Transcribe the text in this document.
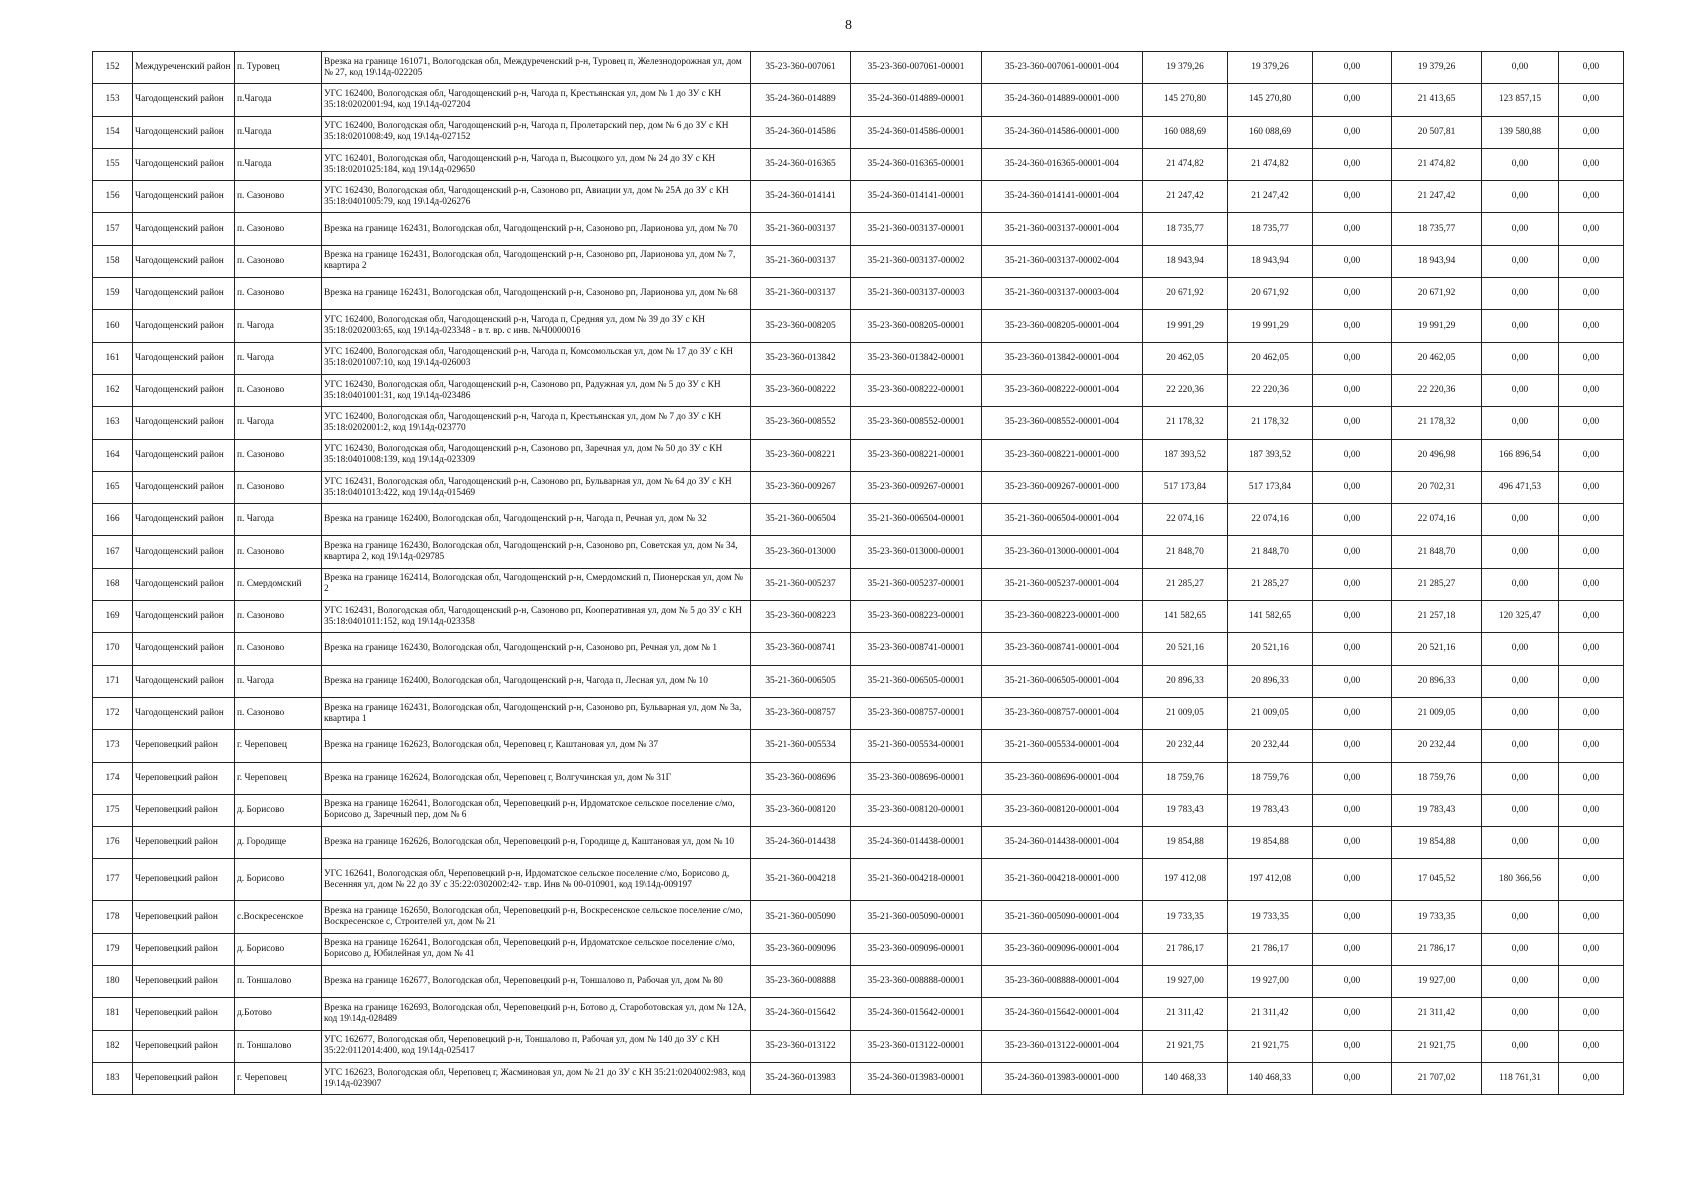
8
152	Междуреченский район	п. Туровец	Врезка на границе 161071, Вологодская обл, Междуреченский р-н, Туровец п, Железнодорожная ул, дом № 27, код 19\14д-022205	35-23-360-007061	35-23-360-007061-00001	35-23-360-007061-00001-004	19 379,26	19 379,26	0,00	19 379,26	0,00	0,00
153	Чагодощенский район	п.Чагода	УГС 162400, Вологодская обл, Чагодощенский р-н, Чагода п, Крестьянская ул, дом № 1 до ЗУ с КН 35:18:0202001:94, код 19\14д-027204	35-24-360-014889	35-24-360-014889-00001	35-24-360-014889-00001-000	145 270,80	145 270,80	0,00	21 413,65	123 857,15	0,00
154	Чагодощенский район	п.Чагода	УГС 162400, Вологодская обл, Чагодощенский р-н, Чагода п, Пролетарский пер, дом № 6 до ЗУ с КН 35:18:0201008:49, код 19\14д-027152	35-24-360-014586	35-24-360-014586-00001	35-24-360-014586-00001-000	160 088,69	160 088,69	0,00	20 507,81	139 580,88	0,00
155	Чагодощенский район	п.Чагода	УГС 162401, Вологодская обл, Чагодощенский р-н, Чагода п, Высоцкого ул, дом № 24 до ЗУ с КН 35:18:0201025:184, код 19\14д-029650	35-24-360-016365	35-24-360-016365-00001	35-24-360-016365-00001-004	21 474,82	21 474,82	0,00	21 474,82	0,00	0,00
156	Чагодощенский район	п. Сазоново	УГС 162430, Вологодская обл, Чагодощенский р-н, Сазоново рп, Авиации ул, дом № 25А до ЗУ с КН 35:18:0401005:79, код 19\14д-026276	35-24-360-014141	35-24-360-014141-00001	35-24-360-014141-00001-004	21 247,42	21 247,42	0,00	21 247,42	0,00	0,00
157	Чагодощенский район	п. Сазоново	Врезка на границе 162431, Вологодская обл, Чагодощенский р-н, Сазоново рп, Ларионова ул, дом № 70	35-21-360-003137	35-21-360-003137-00001	35-21-360-003137-00001-004	18 735,77	18 735,77	0,00	18 735,77	0,00	0,00
158	Чагодощенский район	п. Сазоново	Врезка на границе 162431, Вологодская обл, Чагодощенский р-н, Сазоново рп, Ларионова ул, дом № 7, квартира 2	35-21-360-003137	35-21-360-003137-00002	35-21-360-003137-00002-004	18 943,94	18 943,94	0,00	18 943,94	0,00	0,00
159	Чагодощенский район	п. Сазоново	Врезка на границе 162431, Вологодская обл, Чагодощенский р-н, Сазоново рп, Ларионова ул, дом № 68	35-21-360-003137	35-21-360-003137-00003	35-21-360-003137-00003-004	20 671,92	20 671,92	0,00	20 671,92	0,00	0,00
160	Чагодощенский район	п. Чагода	УГС 162400, Вологодская обл, Чагодощенский р-н, Чагода п, Средняя ул, дом № 39 до ЗУ с КН 35:18:0202003:65, код 19\14д-023348 - в т. вр. с инв. №Ч0000016	35-23-360-008205	35-23-360-008205-00001	35-23-360-008205-00001-004	19 991,29	19 991,29	0,00	19 991,29	0,00	0,00
161	Чагодощенский район	п. Чагода	УГС 162400, Вологодская обл, Чагодощенский р-н, Чагода п, Комсомольская ул, дом № 17 до ЗУ с КН 35:18:0201007:10, код 19\14д-026003	35-23-360-013842	35-23-360-013842-00001	35-23-360-013842-00001-004	20 462,05	20 462,05	0,00	20 462,05	0,00	0,00
162	Чагодощенский район	п. Сазоново	УГС 162430, Вологодская обл, Чагодощенский р-н, Сазоново рп, Радужная ул, дом № 5 до ЗУ с КН 35:18:0401001:31, код 19\14д-023486	35-23-360-008222	35-23-360-008222-00001	35-23-360-008222-00001-004	22 220,36	22 220,36	0,00	22 220,36	0,00	0,00
163	Чагодощенский район	п. Чагода	УГС 162400, Вологодская обл, Чагодощенский р-н, Чагода п, Крестьянская ул, дом № 7 до ЗУ с КН 35:18:0202001:2, код 19\14д-023770	35-23-360-008552	35-23-360-008552-00001	35-23-360-008552-00001-004	21 178,32	21 178,32	0,00	21 178,32	0,00	0,00
164	Чагодощенский район	п. Сазоново	УГС 162430, Вологодская обл, Чагодощенский р-н, Сазоново рп, Заречная ул, дом № 50 до ЗУ с КН 35:18:0401008:139, код 19\14д-023309	35-23-360-008221	35-23-360-008221-00001	35-23-360-008221-00001-000	187 393,52	187 393,52	0,00	20 496,98	166 896,54	0,00
165	Чагодощенский район	п. Сазоново	УГС 162431, Вологодская обл, Чагодощенский р-н, Сазоново рп, Бульварная ул, дом № 64 до ЗУ с КН 35:18:0401013:422, код 19\14д-015469	35-23-360-009267	35-23-360-009267-00001	35-23-360-009267-00001-000	517 173,84	517 173,84	0,00	20 702,31	496 471,53	0,00
166	Чагодощенский район	п. Чагода	Врезка на границе 162400, Вологодская обл, Чагодощенский р-н, Чагода п, Речная ул, дом № 32	35-21-360-006504	35-21-360-006504-00001	35-21-360-006504-00001-004	22 074,16	22 074,16	0,00	22 074,16	0,00	0,00
167	Чагодощенский район	п. Сазоново	Врезка на границе 162430, Вологодская обл, Чагодощенский р-н, Сазоново рп, Советская ул, дом № 34, квартира 2, код 19\14д-029785	35-23-360-013000	35-23-360-013000-00001	35-23-360-013000-00001-004	21 848,70	21 848,70	0,00	21 848,70	0,00	0,00
168	Чагодощенский район	п. Смердомский	Врезка на границе 162414, Вологодская обл, Чагодощенский р-н, Смердомский п, Пионерская ул, дом № 2	35-21-360-005237	35-21-360-005237-00001	35-21-360-005237-00001-004	21 285,27	21 285,27	0,00	21 285,27	0,00	0,00
169	Чагодощенский район	п. Сазоново	УГС 162431, Вологодская обл, Чагодощенский р-н, Сазоново рп, Кооперативная ул, дом № 5 до ЗУ с КН 35:18:0401011:152, код 19\14д-023358	35-23-360-008223	35-23-360-008223-00001	35-23-360-008223-00001-000	141 582,65	141 582,65	0,00	21 257,18	120 325,47	0,00
170	Чагодощенский район	п. Сазоново	Врезка на границе 162430, Вологодская обл, Чагодощенский р-н, Сазоново рп, Речная ул, дом № 1	35-23-360-008741	35-23-360-008741-00001	35-23-360-008741-00001-004	20 521,16	20 521,16	0,00	20 521,16	0,00	0,00
171	Чагодощенский район	п. Чагода	Врезка на границе 162400, Вологодская обл, Чагодощенский р-н, Чагода п, Лесная ул, дом № 10	35-21-360-006505	35-21-360-006505-00001	35-21-360-006505-00001-004	20 896,33	20 896,33	0,00	20 896,33	0,00	0,00
172	Чагодощенский район	п. Сазоново	Врезка на границе 162431, Вологодская обл, Чагодощенский р-н, Сазоново рп, Бульварная ул, дом № 3а, квартира 1	35-23-360-008757	35-23-360-008757-00001	35-23-360-008757-00001-004	21 009,05	21 009,05	0,00	21 009,05	0,00	0,00
173	Череповецкий район	г. Череповец	Врезка на границе 162623, Вологодская обл, Череповец г, Каштановая ул, дом № 37	35-21-360-005534	35-21-360-005534-00001	35-21-360-005534-00001-004	20 232,44	20 232,44	0,00	20 232,44	0,00	0,00
174	Череповецкий район	г. Череповец	Врезка на границе 162624, Вологодская обл, Череповец г, Волгучинская ул, дом № 31Г	35-23-360-008696	35-23-360-008696-00001	35-23-360-008696-00001-004	18 759,76	18 759,76	0,00	18 759,76	0,00	0,00
175	Череповецкий район	д. Борисово	Врезка на границе 162641, Вологодская обл, Череповецкий р-н, Ирдоматское сельское поселение с/мо, Борисово д, Заречный пер, дом № 6	35-23-360-008120	35-23-360-008120-00001	35-23-360-008120-00001-004	19 783,43	19 783,43	0,00	19 783,43	0,00	0,00
176	Череповецкий район	д. Городище	Врезка на границе 162626, Вологодская обл, Череповецкий р-н, Городище д, Каштановая ул, дом № 10	35-24-360-014438	35-24-360-014438-00001	35-24-360-014438-00001-004	19 854,88	19 854,88	0,00	19 854,88	0,00	0,00
177	Череповецкий район	д. Борисово	УГС 162641, Вологодская обл, Череповецкий р-н, Ирдоматское сельское поселение с/мо, Борисово д, Весенняя ул, дом № 22 до ЗУ с 35:22:0302002:42- т.вр. Инв № 00-010901, код 19\14д-009197	35-21-360-004218	35-21-360-004218-00001	35-21-360-004218-00001-000	197 412,08	197 412,08	0,00	17 045,52	180 366,56	0,00
178	Череповецкий район	с.Воскресенское	Врезка на границе 162650, Вологодская обл, Череповецкий р-н, Воскресенское сельское поселение с/мо, Воскресенское с, Строителей ул, дом № 21	35-21-360-005090	35-21-360-005090-00001	35-21-360-005090-00001-004	19 733,35	19 733,35	0,00	19 733,35	0,00	0,00
179	Череповецкий район	д. Борисово	Врезка на границе 162641, Вологодская обл, Череповецкий р-н, Ирдоматское сельское поселение с/мо, Борисово д, Юбилейная ул, дом № 41	35-23-360-009096	35-23-360-009096-00001	35-23-360-009096-00001-004	21 786,17	21 786,17	0,00	21 786,17	0,00	0,00
180	Череповецкий район	п. Тоншалово	Врезка на границе 162677, Вологодская обл, Череповецкий р-н, Тоншалово п, Рабочая ул, дом № 80	35-23-360-008888	35-23-360-008888-00001	35-23-360-008888-00001-004	19 927,00	19 927,00	0,00	19 927,00	0,00	0,00
181	Череповецкий район	д.Ботово	Врезка на границе 162693, Вологодская обл, Череповецкий р-н, Ботово д, Староботовская ул, дом № 12А, код 19\14д-028489	35-24-360-015642	35-24-360-015642-00001	35-24-360-015642-00001-004	21 311,42	21 311,42	0,00	21 311,42	0,00	0,00
182	Череповецкий район	п. Тоншалово	УГС 162677, Вологодская обл, Череповецкий р-н, Тоншалово п, Рабочая ул, дом № 140 до ЗУ с КН 35:22:0112014:400, код 19\14д-025417	35-23-360-013122	35-23-360-013122-00001	35-23-360-013122-00001-004	21 921,75	21 921,75	0,00	21 921,75	0,00	0,00
183	Череповецкий район	г. Череповец	УГС 162623, Вологодская обл, Череповец г, Жасминовая ул, дом № 21 до ЗУ с КН 35:21:0204002:983, код 19\14д-023907	35-24-360-013983	35-24-360-013983-00001	35-24-360-013983-00001-000	140 468,33	140 468,33	0,00	21 707,02	118 761,31	0,00
